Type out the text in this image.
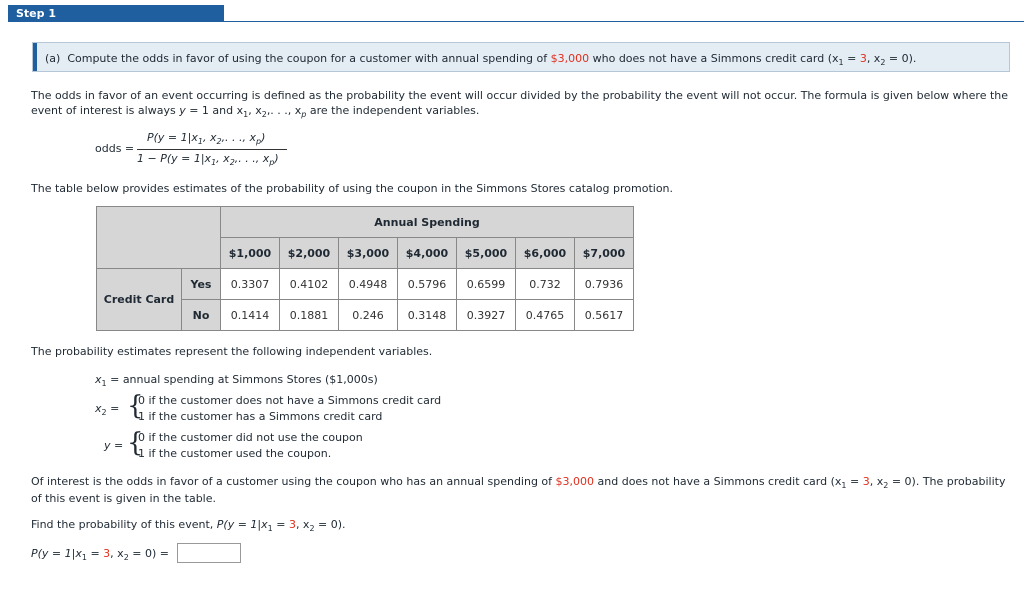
Step 1
(a) Compute the odds in favor of using the coupon for a customer with annual spending of $3,000 who does not have a Simmons credit card ($x_1 = 3$, $x_2 = 0$).
The odds in favor of an event occurring is defined as the probability the event will occur divided by the probability the event will not occur. The formula is given below where the
event of interest is always y = 1 and $x_1$, $x_2$,. . ., $x_p$ are the independent variables.
odds =
$P(y = 1|x_1$, $x_2$,. . ., $x_p$)
$1 - P(y = 1|x_1$, $x_2$,. . ., $x_p$)
The table below provides estimates of the probability of using the coupon in the Simmons Stores catalog promotion.
		Annual Spending						
		$1,000	$2,000	$3,000	$4,000	$5,000	$6,000	$7,000
Credit Card	Yes	0.3307	0.4102	0.4948	0.5796	0.6599	0.732	0.7936
	No	0.1414	0.1881	0.246	0.3148	0.3927	0.4765	0.5617
The probability estimates represent the following independent variables.
$x_1$ = annual spending at Simmons Stores ($1,000s)
$x_2$ = {
0 if the customer does not have a Simmons credit card
1 if the customer has a Simmons credit card
y = {
0 if the customer did not use the coupon
1 if the customer used the coupon.
Of interest is the odds in favor of a customer using the coupon who has an annual spending of $3,000 and does not have a Simmons credit card ($x_1 = 3$, $x_2 = 0$). The probability
of this event is given in the table.
Find the probability of this event, $P(y = 1|x_1 = 3$, $x_2 = 0$).
$P(y = 1|x_1 = 3$, $x_2 = 0$) =
